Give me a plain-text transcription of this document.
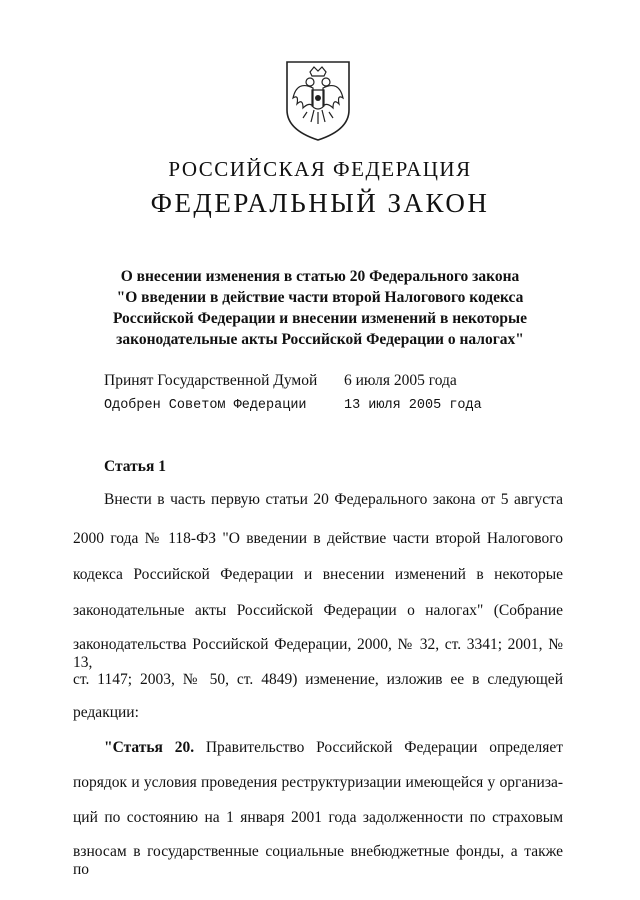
РОССИЙСКАЯ ФЕДЕРАЦИЯ
ФЕДЕРАЛЬНЫЙ ЗАКОН
О внесении изменения в статью 20 Федерального закона
"О введении в действие части второй Налогового кодекса
Российской Федерации и внесении изменений в некоторые
законодательные акты Российской Федерации о налогах"
Принят Государственной Думой 6 июля 2005 года
Одобрен Советом Федерации	13 июля 2005 года
Статья 1
Внести в часть первую статьи 20 Федерального закона от 5 августа
2000 года № 118-ФЗ "О введении в действие части второй Налогового
кодекса Российской Федерации и внесении изменений в некоторые
законодательные акты Российской Федерации о налогах" (Собрание
законодательства Российской Федерации, 2000, № 32, ст. 3341; 2001, № 13,
ст. 1147; 2003, № 50, ст. 4849) изменение, изложив ее в следующей
редакции:
"Статья 20. Правительство Российской Федерации определяет
порядок и условия проведения реструктуризации имеющейся у организа-
ций по состоянию на 1 января 2001 года задолженности по страховым
взносам в государственные социальные внебюджетные фонды, а также по
